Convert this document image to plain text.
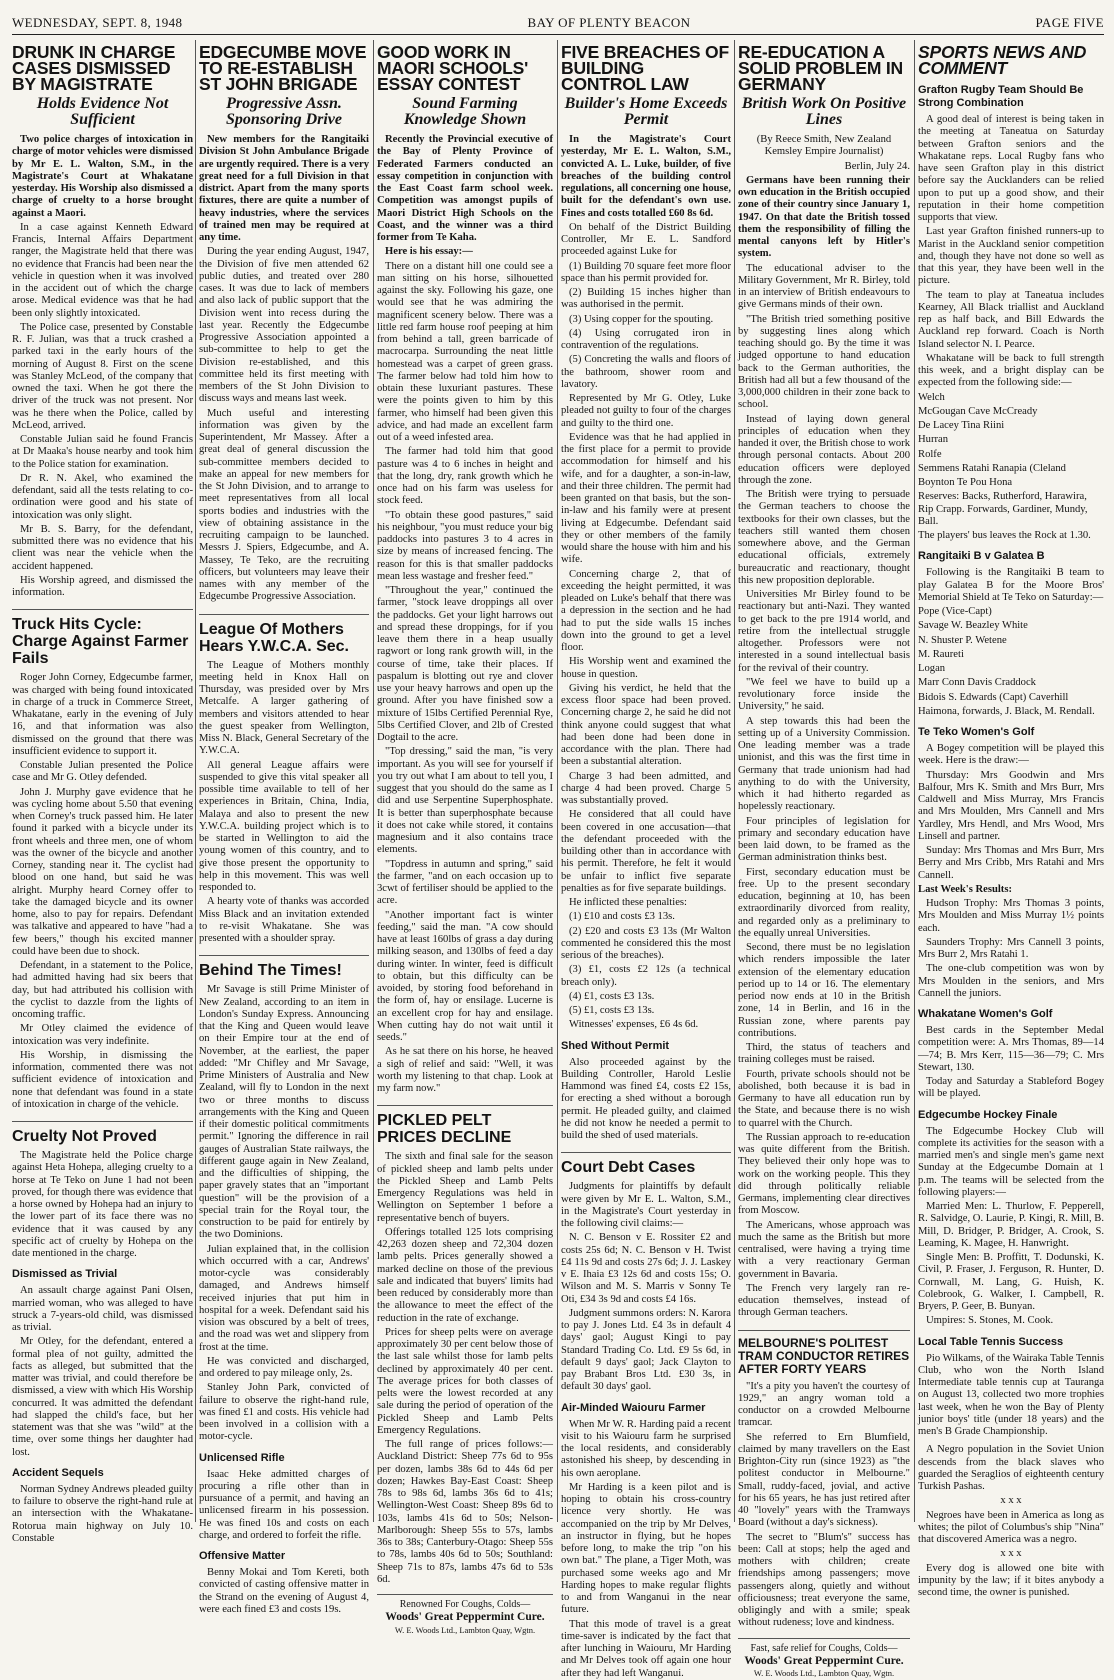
WEDNESDAY, SEPT. 8, 1948	BAY OF PLENTY BEACON	PAGE FIVE
DRUNK IN CHARGE CASES DISMISSED BY MAGISTRATE
Holds Evidence Not Sufficient

Two police charges of intoxication in charge of motor vehicles were dismissed by Mr E. L. Walton, S.M., in the Magistrate's Court at Whakatane yesterday. His Worship also dismissed a charge of cruelty to a horse brought against a Maori.

In a case against Kenneth Edward Francis, Internal Affairs Department ranger, the Magistrate held that there was no evidence that Francis had been near the vehicle in question when it was involved in the accident out of which the charge arose. Medical evidence was that he had been only slightly intoxicated.

The Police case, presented by Constable R. F. Julian, was that a truck crashed a parked taxi in the early hours of the morning of August 8. First on the scene was Stanley McLeod, of the company that owned the taxi. When he got there the driver of the truck was not present. Nor was he there when the Police, called by McLeod, arrived.

Constable Julian said he found Francis at Dr Maaka's house nearby and took him to the Police station for examination.

Dr R. N. Akel, who examined the defendant, said all the tests relating to co-ordination were good and his state of intoxication was only slight.

Mr B. S. Barry, for the defendant, submitted there was no evidence that his client was near the vehicle when the accident happened.

His Worship agreed, and dismissed the information.

Truck Hits Cycle: Charge Against Farmer Fails

Roger John Corney, Edgecumbe farmer, was charged with being found intoxicated in charge of a truck in Commerce Street, Whakatane, early in the evening of July 16, and that information was also dismissed on the ground that there was insufficient evidence to support it.

Constable Julian presented the Police case and Mr G. Otley defended.

John J. Murphy gave evidence that he was cycling home about 5.50 that evening when Corney's truck passed him. He later found it parked with a bicycle under its front wheels and three men, one of whom was the owner of the bicycle and another Corney, standing near it. The cyclist had blood on one hand, but said he was alright. Murphy heard Corney offer to take the damaged bicycle and its owner home, also to pay for repairs. Defendant was talkative and appeared to have "had a few beers," though his excited manner could have been due to shock.

Defendant, in a statement to the Police, had admitted having had six beers that day, but had attributed his collision with the cyclist to dazzle from the lights of oncoming traffic.

Mr Otley claimed the evidence of intoxication was very indefinite.

His Worship, in dismissing the information, commented there was not sufficient evidence of intoxication and none that defendant was found in a state of intoxication in charge of the vehicle.

Cruelty Not Proved

The Magistrate held the Police charge against Heta Hohepa, alleging cruelty to a horse at Te Teko on June 1 had not been proved, for though there was evidence that a horse owned by Hohepa had an injury to the lower part of its face there was no evidence that it was caused by any specific act of cruelty by Hohepa on the date mentioned in the charge.

Dismissed as Trivial

An assault charge against Pani Olsen, married woman, who was alleged to have struck a 7-years-old child, was dismissed as trivial.

Mr Otley, for the defendant, entered a formal plea of not guilty, admitted the facts as alleged, but submitted that the matter was trivial, and could therefore be dismissed, a view with which His Worship concurred. It was admitted the defendant had slapped the child's face, but her statement was that she was "wild" at the time, over some things her daughter had lost.

Accident Sequels

Norman Sydney Andrews pleaded guilty to failure to observe the right-hand rule at an intersection with the Whakatane-Rotorua main highway on July 10. Constable

EDGECUMBE MOVE TO RE-ESTABLISH ST JOHN BRIGADE
Progressive Assn. Sponsoring Drive

New members for the Rangitaiki Division St John Ambulance Brigade are urgently required. There is a very great need for a full Division in that district. Apart from the many sports fixtures, there are quite a number of heavy industries, where the services of trained men may be required at any time.

During the year ending August, 1947, the Division of five men attended 62 public duties, and treated over 280 cases. It was due to lack of members and also lack of public support that the Division went into recess during the last year. Recently the Edgecumbe Progressive Association appointed a sub-committee to help to get the Division re-established, and this committee held its first meeting with members of the St John Division to discuss ways and means last week.

Much useful and interesting information was given by the Superintendent, Mr Massey. After a great deal of general discussion the sub-committee members decided to make an appeal for new members for the St John Division, and to arrange to meet representatives from all local sports bodies and industries with the view of obtaining assistance in the recruiting campaign to be launched. Messrs J. Spiers, Edgecumbe, and A. Massey, Te Teko, are the recruiting officers, but volunteers may leave their names with any member of the Edgecumbe Progressive Association.

League Of Mothers Hears Y.W.C.A. Sec.

The League of Mothers monthly meeting held in Knox Hall on Thursday, was presided over by Mrs Metcalfe. A larger gathering of members and visitors attended to hear the guest speaker from Wellington, Miss N. Black, General Secretary of the Y.W.C.A.

All general League affairs were suspended to give this vital speaker all possible time available to tell of her experiences in Britain, China, India, Malaya and also to present the new Y.W.C.A. building project which is to be started in Wellington to aid the young women of this country, and to give those present the opportunity to help in this movement. This was well responded to.

A hearty vote of thanks was accorded Miss Black and an invitation extended to re-visit Whakatane. She was presented with a shoulder spray.

Behind The Times!

Mr Savage is still Prime Minister of New Zealand, according to an item in London's Sunday Express. Announcing that the King and Queen would leave on their Empire tour at the end of November, at the earliest, the paper added: "Mr Chifley and Mr Savage, Prime Ministers of Australia and New Zealand, will fly to London in the next two or three months to discuss arrangements with the King and Queen if their domestic political commitments permit." Ignoring the difference in rail gauges of Australian State railways, the different gauge again in New Zealand, and the difficulties of shipping, the paper gravely states that an "important question" will be the provision of a special train for the Royal tour, the construction to be paid for entirely by the two Dominions.

Julian explained that, in the collision which occurred with a car, Andrews' motor-cycle was considerably damaged, and Andrews himself received injuries that put him in hospital for a week. Defendant said his vision was obscured by a belt of trees, and the road was wet and slippery from frost at the time.

He was convicted and discharged, and ordered to pay mileage only, 2s.

Stanley John Park, convicted of failure to observe the right-hand rule, was fined £1 and costs. His vehicle had been involved in a collision with a motor-cycle.

Unlicensed Rifle

Isaac Heke admitted charges of procuring a rifle other than in pursuance of a permit, and having an unlicensed firearm in his possession. He was fined 10s and costs on each charge, and ordered to forfeit the rifle.

Offensive Matter

Benny Mokai and Tom Kereti, both convicted of casting offensive matter in the Strand on the evening of August 4, were each fined £3 and costs 19s.

GOOD WORK IN MAORI SCHOOLS' ESSAY CONTEST
Sound Farming Knowledge Shown

Recently the Provincial executive of the Bay of Plenty Province of Federated Farmers conducted an essay competition in conjunction with the East Coast farm school week. Competition was amongst pupils of Maori District High Schools on the Coast, and the winner was a third former from Te Kaha.

Here is his essay:—

There on a distant hill one could see a man sitting on his horse, silhouetted against the sky. Following his gaze, one would see that he was admiring the magnificent scenery below. There was a little red farm house roof peeping at him from behind a tall, green barricade of macrocarpa. Surrounding the neat little homestead was a carpet of green grass. The farmer below had told him how to obtain these luxuriant pastures. These were the points given to him by this farmer, who himself had been given this advice, and had made an excellent farm out of a weed infested area.

The farmer had told him that good pasture was 4 to 6 inches in height and that the long, dry, rank growth which he once had on his farm was useless for stock feed.

"To obtain these good pastures," said his neighbour, "you must reduce your big paddocks into pastures 3 to 4 acres in size by means of increased fencing. The reason for this is that smaller paddocks mean less wastage and fresher feed."

"Throughout the year," continued the farmer, "stock leave droppings all over the paddocks. Get your light harrows out and spread these droppings, for if you leave them there in a heap usually ragwort or long rank growth will, in the course of time, take their places. If paspalum is blotting out rye and clover use your heavy harrows and open up the ground. After you have finished sow a mixture of 15lbs Certified Perennial Rye, 5lbs Certified Clover, and 2lb of Crested Dogtail to the acre.

"Top dressing," said the man, "is very important. As you will see for yourself if you try out what I am about to tell you, I suggest that you should do the same as I did and use Serpentine Superphosphate. It is better than superphosphate because it does not cake while stored, it contains magnesium and it also contains trace elements.

"Topdress in autumn and spring," said the farmer, "and on each occasion up to 3cwt of fertiliser should be applied to the acre.

"Another important fact is winter feeding," said the man. "A cow should have at least 160lbs of grass a day during milking season, and 130lbs of feed a day during winter. In winter, feed is difficult to obtain, but this difficulty can be avoided, by storing food beforehand in the form of, hay or ensilage. Lucerne is an excellent crop for hay and ensilage. When cutting hay do not wait until it seeds."

As he sat there on his horse, he heaved a sigh of relief and said: "Well, it was worth my listening to that chap. Look at my farm now."

PICKLED PELT PRICES DECLINE

The sixth and final sale for the season of pickled sheep and lamb pelts under the Pickled Sheep and Lamb Pelts Emergency Regulations was held in Wellington on September 1 before a representative bench of buyers.

Offerings totalled 125 lots comprising 42,263 dozen sheep and 72,304 dozen lamb pelts. Prices generally showed a marked decline on those of the previous sale and indicated that buyers' limits had been reduced by considerably more than the allowance to meet the effect of the reduction in the rate of exchange.

Prices for sheep pelts were on average approximately 30 per cent below those of the last sale whilst those for lamb pelts declined by approximately 40 per cent. The average prices for both classes of pelts were the lowest recorded at any sale during the period of operation of the Pickled Sheep and Lamb Pelts Emergency Regulations.

The full range of prices follows:—Auckland District: Sheep 77s 6d to 95s per dozen, lambs 38s 6d to 44s 6d per dozen; Hawkes Bay-East Coast: Sheep 78s to 98s 6d, lambs 36s 6d to 41s; Wellington-West Coast: Sheep 89s 6d to 103s, lambs 41s 6d to 50s; Nelson-Marlborough: Sheep 55s to 57s, lambs 36s to 38s; Canterbury-Otago: Sheep 55s to 78s, lambs 40s 6d to 50s; Southland: Sheep 71s to 87s, lambs 47s 6d to 53s 6d.

Renowned For Coughs, Colds—
Woods' Great Peppermint Cure.
W. E. Woods Ltd., Lambton Quay, Wgtn.
FIVE BREACHES OF BUILDING CONTROL LAW
Builder's Home Exceeds Permit

In the Magistrate's Court yesterday, Mr E. L. Walton, S.M., convicted A. L. Luke, builder, of five breaches of the building control regulations, all concerning one house, built for the defendant's own use. Fines and costs totalled £60 8s 6d.

On behalf of the District Building Controller, Mr E. L. Sandford proceeded against Luke for

(1) Building 70 square feet more floor space than his permit provided for.

(2) Building 15 inches higher than was authorised in the permit.

(3) Using copper for the spouting.

(4) Using corrugated iron in contravention of the regulations.

(5) Concreting the walls and floors of the bathroom, shower room and lavatory.

Represented by Mr G. Otley, Luke pleaded not guilty to four of the charges and guilty to the third one.

Evidence was that he had applied in the first place for a permit to provide accommodation for himself and his wife, and for a daughter, a son-in-law, and their three children. The permit had been granted on that basis, but the son-in-law and his family were at present living at Edgecumbe. Defendant said they or other members of the family would share the house with him and his wife.

Concerning charge 2, that of exceeding the height permitted, it was pleaded on Luke's behalf that there was a depression in the section and he had had to put the side walls 15 inches down into the ground to get a level floor.

His Worship went and examined the house in question.

Giving his verdict, he held that the excess floor space had been proved. Concerning charge 2, he said he did not think anyone could suggest that what had been done had been done in accordance with the plan. There had been a substantial alteration.

Charge 3 had been admitted, and charge 4 had been proved. Charge 5 was substantially proved.

He considered that all could have been covered in one accusation—that the defendant proceeded with the building other than in accordance with his permit. Therefore, he felt it would be unfair to inflict five separate penalties as for five separate buildings.

He inflicted these penalties:

(1) £10 and costs £3 13s.

(2) £20 and costs £3 13s (Mr Walton commented he considered this the most serious of the breaches).

(3) £1, costs £2 12s (a technical breach only).

(4) £1, costs £3 13s.

(5) £1, costs £3 13s.

Witnesses' expenses, £6 4s 6d.

Shed Without Permit

Also proceeded against by the Building Controller, Harold Leslie Hammond was fined £4, costs £2 15s, for erecting a shed without a borough permit. He pleaded guilty, and claimed he did not know he needed a permit to build the shed of used materials.

Court Debt Cases

Judgments for plaintiffs by default were given by Mr E. L. Walton, S.M., in the Magistrate's Court yesterday in the following civil claims:—

N. C. Benson v E. Rossiter £2 and costs 25s 6d; N. C. Benson v H. Twist £4 11s 9d and costs 27s 6d; J. J. Laskey v E. Ihaia £3 12s 6d and costs 15s; O. Wilson and M. S. Marris v Sonny Te Oti, £34 3s 9d and costs £4 16s.

Judgment summons orders: N. Karora to pay J. Jones Ltd. £4 3s in default 4 days' gaol; August Kingi to pay Standard Trading Co. Ltd. £9 5s 6d, in default 9 days' gaol; Jack Clayton to pay Brabant Bros Ltd. £30 3s, in default 30 days' gaol.

Air-Minded Waiouru Farmer

When Mr W. R. Harding paid a recent visit to his Waiouru farm he surprised the local residents, and considerably astonished his sheep, by descending in his own aeroplane.

Mr Harding is a keen pilot and is hoping to obtain his cross-country licence very shortly. He was accompanied on the trip by Mr Delves, an instructor in flying, but he hopes before long, to make the trip "on his own bat." The plane, a Tiger Moth, was purchased some weeks ago and Mr Harding hopes to make regular flights to and from Wanganui in the near future.

That this mode of travel is a great time-saver is indicated by the fact that after lunching in Waiouru, Mr Harding and Mr Delves took off again one hour after they had left Wanganui.

RE-EDUCATION A SOLID PROBLEM IN GERMANY
British Work On Positive Lines

(By Reece Smith, New Zealand Kemsley Empire Journalist)

Berlin, July 24.

Germans have been running their own education in the British occupied zone of their country since January 1, 1947. On that date the British tossed them the responsibility of filling the mental canyons left by Hitler's system.

The educational adviser to the Military Government, Mr R. Birley, told in an interview of British endeavours to give Germans minds of their own.

"The British tried something positive by suggesting lines along which teaching should go. By the time it was judged opportune to hand education back to the German authorities, the British had all but a few thousand of the 3,000,000 children in their zone back to school.

Instead of laying down general principles of education when they handed it over, the British chose to work through personal contacts. About 200 education officers were deployed through the zone.

The British were trying to persuade the German teachers to choose the textbooks for their own classes, but the teachers still wanted them chosen somewhere above, and the German educational officials, extremely bureaucratic and reactionary, thought this new proposition deplorable.

Universities Mr Birley found to be reactionary but anti-Nazi. They wanted to get back to the pre 1914 world, and retire from the intellectual struggle altogether. Professors were not interested in a sound intellectual basis for the revival of their country.

"We feel we have to build up a revolutionary force inside the University," he said.

A step towards this had been the setting up of a University Commission. One leading member was a trade unionist, and this was the first time in Germany that trade unionism had had anything to do with the University, which it had hitherto regarded as hopelessly reactionary.

Four principles of legislation for primary and secondary education have been laid down, to be framed as the German administration thinks best.

First, secondary education must be free. Up to the present secondary education, beginning at 10, has been extraordinarily divorced from reality, and regarded only as a preliminary to the equally unreal Universities.

Second, there must be no legislation which renders impossible the later extension of the elementary education period up to 14 or 16. The elementary period now ends at 10 in the British zone, 14 in Berlin, and 16 in the Russian zone, where parents pay contributions.

Third, the status of teachers and training colleges must be raised.

Fourth, private schools should not be abolished, both because it is bad in Germany to have all education run by the State, and because there is no wish to quarrel with the Church.

The Russian approach to re-education was quite different from the British. They believed their only hope was to work on the working people. This they did through politically reliable Germans, implementing clear directives from Moscow.

The Americans, whose approach was much the same as the British but more centralised, were having a trying time with a very reactionary German government in Bavaria.

The French very largely ran re-education themselves, instead of through German teachers.

MELBOURNE'S POLITEST TRAM CONDUCTOR RETIRES AFTER FORTY YEARS

"It's a pity you haven't the courtesy of 1929," an angry woman told a conductor on a crowded Melbourne tramcar.

She referred to Ern Blumfield, claimed by many travellers on the East Brighton-City run (since 1923) as "the politest conductor in Melbourne." Small, ruddy-faced, jovial, and active for his 65 years, he has just retired after 40 "lovely" years with the Tramways Board (without a day's sickness).

The secret to "Blum's" success has been: Call at stops; help the aged and mothers with children; create friendships among passengers; move passengers along, quietly and without officiousness; treat everyone the same, obligingly and with a smile; speak without rudeness; love and kindness.

Fast, safe relief for Coughs, Colds—
Woods' Great Peppermint Cure.
W. E. Woods Ltd., Lambton Quay, Wgtn.
SPORTS NEWS AND COMMENT
Grafton Rugby Team Should Be Strong Combination

A good deal of interest is being taken in the meeting at Taneatua on Saturday between Grafton seniors and the Whakatane reps. Local Rugby fans who have seen Grafton play in this district before say the Aucklanders can be relied upon to put up a good show, and their reputation in their home competition supports that view.

Last year Grafton finished runners-up to Marist in the Auckland senior competition and, though they have not done so well as that this year, they have been well in the picture.

The team to play at Taneatua includes Kearney, All Black triallist and Auckland rep as half back, and Bill Edwards the Auckland rep forward. Coach is North Island selector N. I. Pearce.

Whakatane will be back to full strength this week, and a bright display can be expected from the following side:—

Welch

McGougan Cave McCready

De Lacey Tina Riini

Hurran

Rolfe

Semmens Ratahi Ranapia (Cleland

Boynton Te Pou Hona

Reserves: Backs, Rutherford, Harawira, Rip Crapp. Forwards, Gardiner, Mundy, Ball.

The players' bus leaves the Rock at 1.30.

Rangitaiki B v Galatea B

Following is the Rangitaiki B team to play Galatea B for the Moore Bros' Memorial Shield at Te Teko on Saturday:—

Pope (Vice-Capt)

Savage W. Beazley White

N. Shuster P. Wetene

M. Raureti

Logan

Marr Conn Davis Craddock

Bidois S. Edwards (Capt) Caverhill

Haimona, forwards, J. Black, M. Rendall.

Te Teko Women's Golf

A Bogey competition will be played this week. Here is the draw:—

Thursday: Mrs Goodwin and Mrs Balfour, Mrs K. Smith and Mrs Burr, Mrs Caldwell and Miss Murray, Mrs Francis and Mrs Moulden, Mrs Cannell and Mrs Yardley, Mrs Hendl, and Mrs Wood, Mrs Linsell and partner.

Sunday: Mrs Thomas and Mrs Burr, Mrs Berry and Mrs Cribb, Mrs Ratahi and Mrs Cannell.

Last Week's Results:

Hudson Trophy: Mrs Thomas 3 points, Mrs Moulden and Miss Murray 1½ points each.

Saunders Trophy: Mrs Cannell 3 points, Mrs Burr 2, Mrs Ratahi 1.

The one-club competition was won by Mrs Moulden in the seniors, and Mrs Cannell the juniors.

Whakatane Women's Golf

Best cards in the September Medal competition were: A. Mrs Thomas, 89—14—74; B. Mrs Kerr, 115—36—79; C. Mrs Stewart, 130.

Today and Saturday a Stableford Bogey will be played.

Edgecumbe Hockey Finale

The Edgecumbe Hockey Club will complete its activities for the season with a married men's and single men's game next Sunday at the Edgecumbe Domain at 1 p.m. The teams will be selected from the following players:—

Married Men: L. Thurlow, F. Pepperell, R. Salvidge, O. Laurie, P. Kingi, R. Mill, B. Mill, D. Bridger, P. Bridger, A. Crook, S. Leaming, K. Magee, H. Hanwright.

Single Men: B. Proffitt, T. Dodunski, K. Civil, P. Fraser, J. Ferguson, R. Hunter, D. Cornwall, M. Lang, G. Huish, K. Colebrook, G. Walker, I. Campbell, R. Bryers, P. Geer, B. Bunyan.

Umpires: S. Stones, M. Cook.

Local Table Tennis Success

Pio Wilkams, of the Wairaka Table Tennis Club, who won the North Island Intermediate table tennis cup at Tauranga on August 13, collected two more trophies last week, when he won the Bay of Plenty junior boys' title (under 18 years) and the men's B Grade Championship.

A Negro population in the Soviet Union descends from the black slaves who guarded the Seraglios of eighteenth century Turkish Pashas.

x x x

Negroes have been in America as long as whites; the pilot of Columbus's ship "Nina" that discovered America was a negro.

x x x

Every dog is allowed one bite with impunity by the law; if it bites anybody a second time, the owner is punished.
